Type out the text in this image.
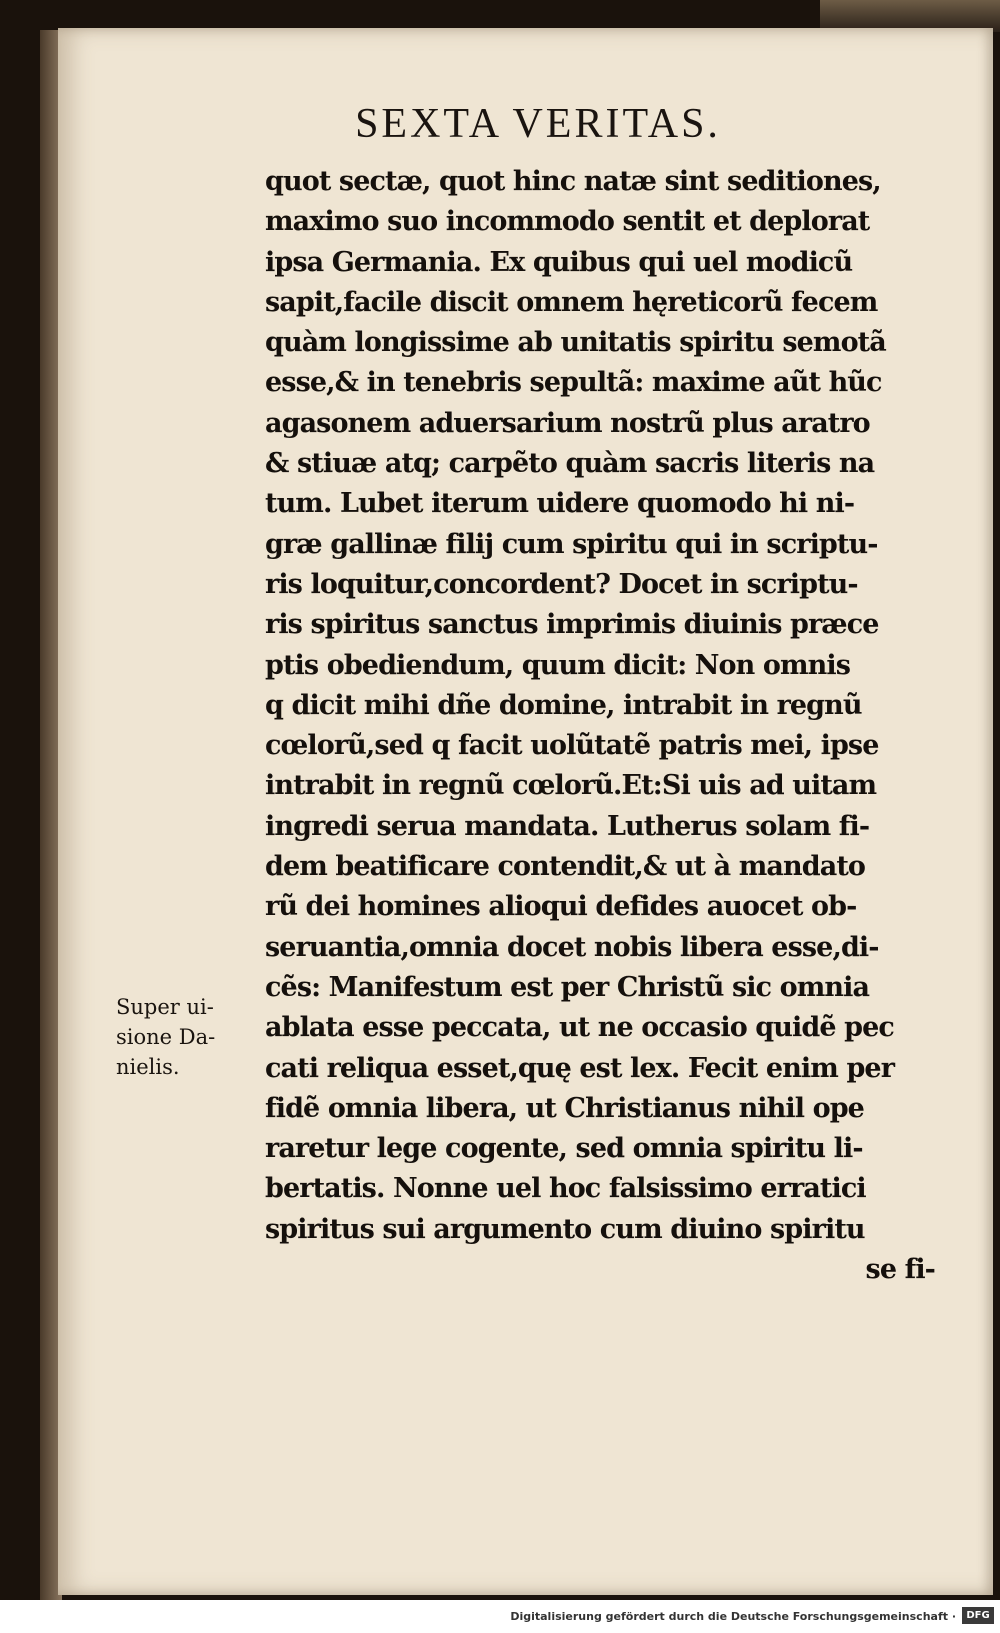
SEXTA VERITAS.
quot sectæ, quot hinc natæ sint seditiones,
maximo suo incommodo sentit et deplorat
ipsa Germania. Ex quibus qui uel modicũ
sapit,facile discit omnem hęreticorũ fecem
quàm longissime ab unitatis spiritu semotã
esse,& in tenebris sepultã: maxime aũt hũc
agasonem aduersarium nostrũ plus aratro
& stiuæ atq; carpẽto quàm sacris literis na
tum. Lubet iterum uidere quomodo hi ni-
græ gallinæ filij cum spiritu qui in scriptu-
ris loquitur,concordent? Docet in scriptu-
ris spiritus sanctus imprimis diuinis præce
ptis obediendum, quum dicit: Non omnis
q dicit mihi dñe domine, intrabit in regnũ
cœlorũ,sed q facit uolũtatẽ patris mei, ipse
intrabit in regnũ cœlorũ.Et:Si uis ad uitam
ingredi serua mandata. Lutherus solam fi-
dem beatificare contendit,& ut à mandato
rũ dei homines alioqui defides auocet ob-
seruantia,omnia docet nobis libera esse,di-
cẽs: Manifestum est per Christũ sic omnia
ablata esse peccata, ut ne occasio quidẽ pec
cati reliqua esset,quę est lex. Fecit enim per
fidẽ omnia libera, ut Christianus nihil ope
raretur lege cogente, sed omnia spiritu li-
bertatis. Nonne uel hoc falsissimo erratici
spiritus sui argumento cum diuino spiritu
se fi-
Super ui-
sione Da-
nielis.
Digitalisierung gefördert durch die Deutsche Forschungsgemeinschaft ·	DFG
